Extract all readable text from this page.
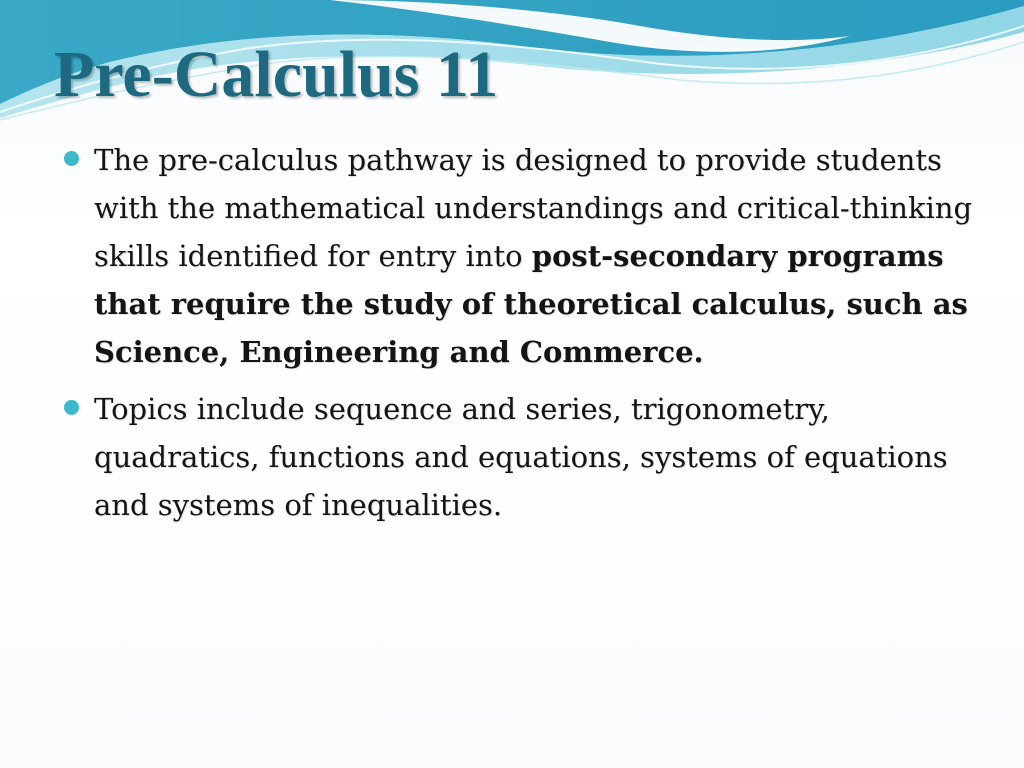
Pre-Calculus 11
The pre-calculus pathway is designed to provide students with the mathematical understandings and critical-thinking skills identified for entry into post-secondary programs that require the study of theoretical calculus, such as Science, Engineering and Commerce.
Topics include sequence and series, trigonometry, quadratics, functions and equations, systems of equations and systems of inequalities.
